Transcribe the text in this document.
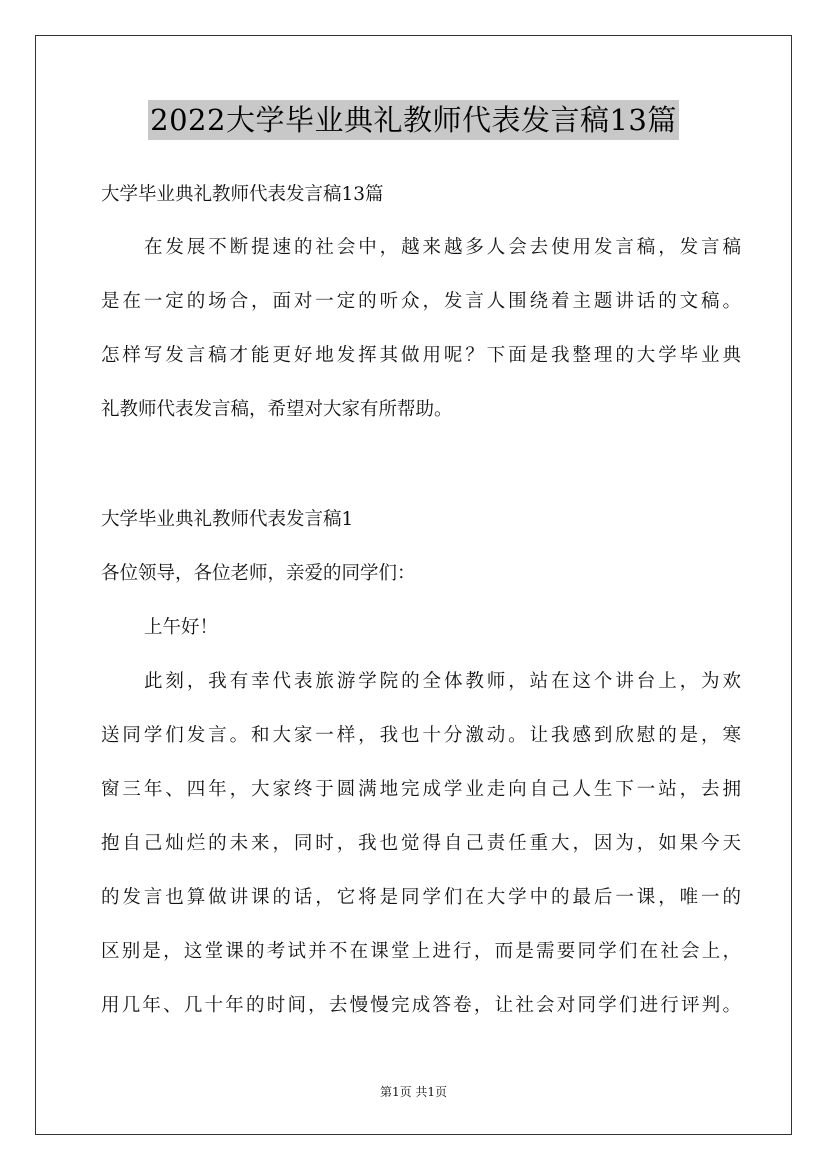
2022大学毕业典礼教师代表发言稿13篇
大学毕业典礼教师代表发言稿13篇
在发展不断提速的社会中，越来越多人会去使用发言稿，发言稿
是在一定的场合，面对一定的听众，发言人围绕着主题讲话的文稿。
怎样写发言稿才能更好地发挥其做用呢？下面是我整理的大学毕业典
礼教师代表发言稿，希望对大家有所帮助。
大学毕业典礼教师代表发言稿1
各位领导，各位老师，亲爱的同学们：
上午好！
此刻，我有幸代表旅游学院的全体教师，站在这个讲台上，为欢
送同学们发言。和大家一样，我也十分激动。让我感到欣慰的是，寒
窗三年、四年，大家终于圆满地完成学业走向自己人生下一站，去拥
抱自己灿烂的未来，同时，我也觉得自己责任重大，因为，如果今天
的发言也算做讲课的话，它将是同学们在大学中的最后一课，唯一的
区别是，这堂课的考试并不在课堂上进行，而是需要同学们在社会上，
用几年、几十年的时间，去慢慢完成答卷，让社会对同学们进行评判。
第1页 共1页
